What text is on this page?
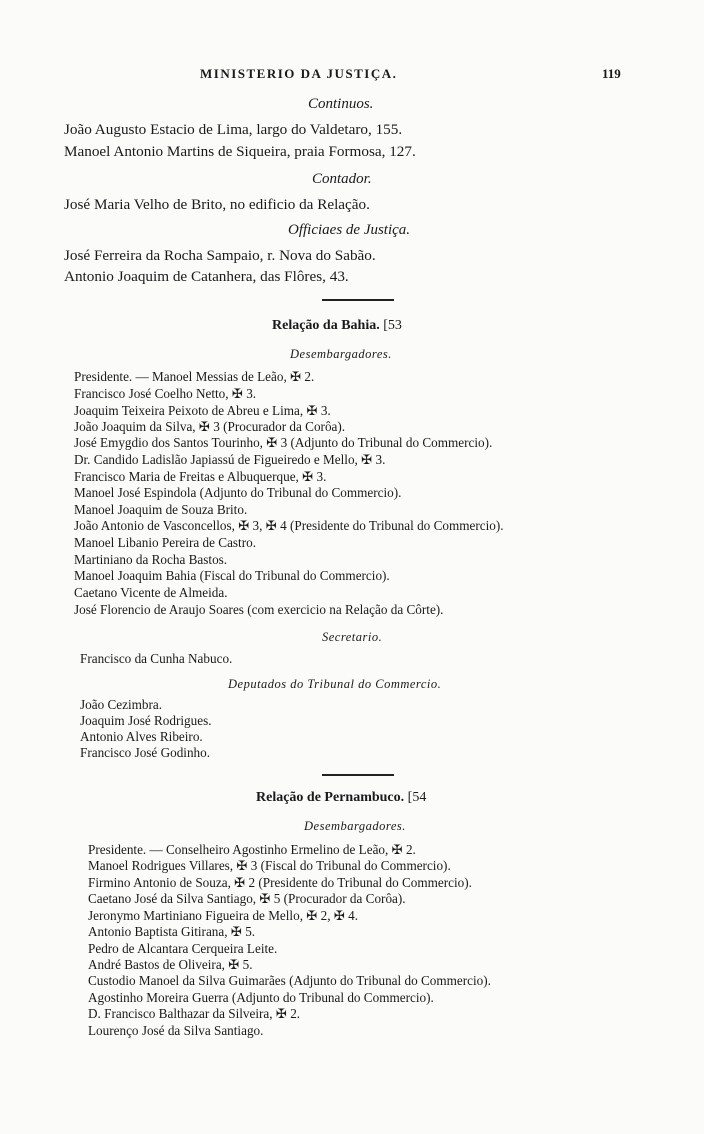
MINISTERIO DA JUSTIÇA.	119
Continuos.
João Augusto Estacio de Lima, largo do Valdetaro, 155.
Manoel Antonio Martins de Siqueira, praia Formosa, 127.
Contador.
José Maria Velho de Brito, no edificio da Relação.
Officiaes de Justiça.
José Ferreira da Rocha Sampaio, r. Nova do Sabão.
Antonio Joaquim de Catanhera, das Flôres, 43.
Relação da Bahia. [53
Desembargadores.
Presidente. — Manoel Messias de Leão, ✠ 2.
Francisco José Coelho Netto, ✠ 3.
Joaquim Teixeira Peixoto de Abreu e Lima, ✠ 3.
João Joaquim da Silva, ✠ 3 (Procurador da Corôa).
José Emygdio dos Santos Tourinho, ✠ 3 (Adjunto do Tribunal do Commercio).
Dr. Candido Ladislão Japiassú de Figueiredo e Mello, ✠ 3.
Francisco Maria de Freitas e Albuquerque, ✠ 3.
Manoel José Espindola (Adjunto do Tribunal do Commercio).
Manoel Joaquim de Souza Brito.
João Antonio de Vasconcellos, ✠ 3, ✠ 4 (Presidente do Tribunal do Commercio).
Manoel Libanio Pereira de Castro.
Martiniano da Rocha Bastos.
Manoel Joaquim Bahia (Fiscal do Tribunal do Commercio).
Caetano Vicente de Almeida.
José Florencio de Araujo Soares (com exercicio na Relação da Côrte).
Secretario.
Francisco da Cunha Nabuco.
Deputados do Tribunal do Commercio.
João Cezimbra.
Joaquim José Rodrigues.
Antonio Alves Ribeiro.
Francisco José Godinho.
Relação de Pernambuco. [54
Desembargadores.
Presidente. — Conselheiro Agostinho Ermelino de Leão, ✠ 2.
Manoel Rodrigues Villares, ✠ 3 (Fiscal do Tribunal do Commercio).
Firmino Antonio de Souza, ✠ 2 (Presidente do Tribunal do Commercio).
Caetano José da Silva Santiago, ✠ 5 (Procurador da Corôa).
Jeronymo Martiniano Figueira de Mello, ✠ 2, ✠ 4.
Antonio Baptista Gitirana, ✠ 5.
Pedro de Alcantara Cerqueira Leite.
André Bastos de Oliveira, ✠ 5.
Custodio Manoel da Silva Guimarães (Adjunto do Tribunal do Commercio).
Agostinho Moreira Guerra (Adjunto do Tribunal do Commercio).
D. Francisco Balthazar da Silveira, ✠ 2.
Lourenço José da Silva Santiago.
